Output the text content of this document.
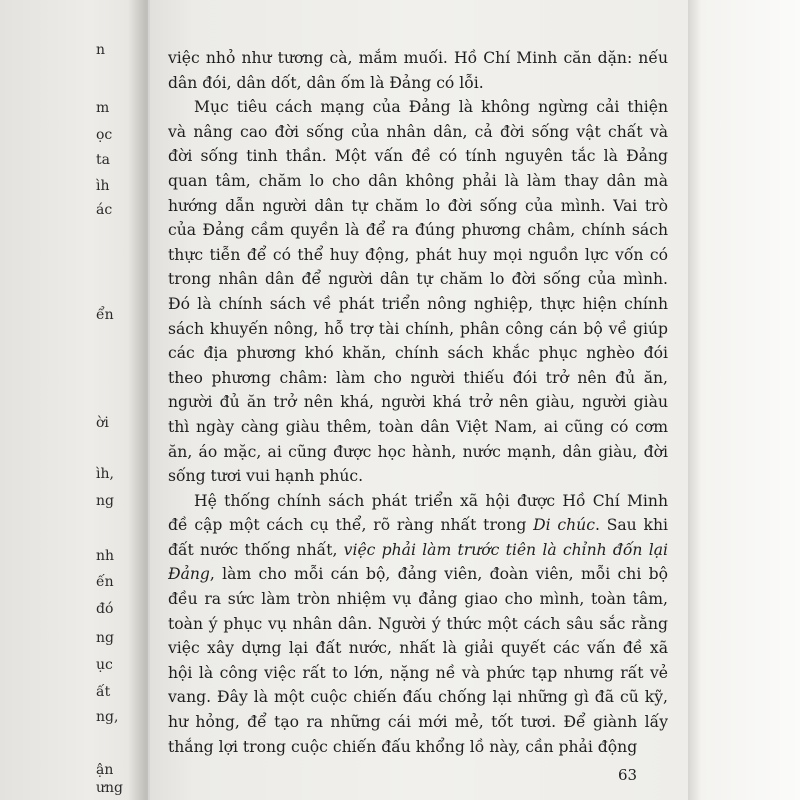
n
m
ọc
ta
ìh
ác
ển
ời
ìh,
ng
nh
ến
đó
ng
ục
ất
ng,
ận
ưng
việc nhỏ như tương cà, mắm muối. Hồ Chí Minh căn dặn: nếu
dân đói, dân dốt, dân ốm là Đảng có lỗi.
Mục tiêu cách mạng của Đảng là không ngừng cải thiện
và nâng cao đời sống của nhân dân, cả đời sống vật chất và
đời sống tinh thần. Một vấn đề có tính nguyên tắc là Đảng
quan tâm, chăm lo cho dân không phải là làm thay dân mà
hướng dẫn người dân tự chăm lo đời sống của mình. Vai trò
của Đảng cầm quyền là để ra đúng phương châm, chính sách
thực tiễn để có thể huy động, phát huy mọi nguồn lực vốn có
trong nhân dân để người dân tự chăm lo đời sống của mình.
Đó là chính sách về phát triển nông nghiệp, thực hiện chính
sách khuyến nông, hỗ trợ tài chính, phân công cán bộ về giúp
các địa phương khó khăn, chính sách khắc phục nghèo đói
theo phương châm: làm cho người thiếu đói trở nên đủ ăn,
người đủ ăn trở nên khá, người khá trở nên giàu, người giàu
thì ngày càng giàu thêm, toàn dân Việt Nam, ai cũng có cơm
ăn, áo mặc, ai cũng được học hành, nước mạnh, dân giàu, đời
sống tươi vui hạnh phúc.
Hệ thống chính sách phát triển xã hội được Hồ Chí Minh
đề cập một cách cụ thể, rõ ràng nhất trong Di chúc. Sau khi
đất nước thống nhất, việc phải làm trước tiên là chỉnh đốn lại
Đảng, làm cho mỗi cán bộ, đảng viên, đoàn viên, mỗi chi bộ
đều ra sức làm tròn nhiệm vụ đảng giao cho mình, toàn tâm,
toàn ý phục vụ nhân dân. Người ý thức một cách sâu sắc rằng
việc xây dựng lại đất nước, nhất là giải quyết các vấn đề xã
hội là công việc rất to lớn, nặng nề và phức tạp nhưng rất vẻ
vang. Đây là một cuộc chiến đấu chống lại những gì đã cũ kỹ,
hư hỏng, để tạo ra những cái mới mẻ, tốt tươi. Để giành lấy
thắng lợi trong cuộc chiến đấu khổng lồ này, cần phải động
63
